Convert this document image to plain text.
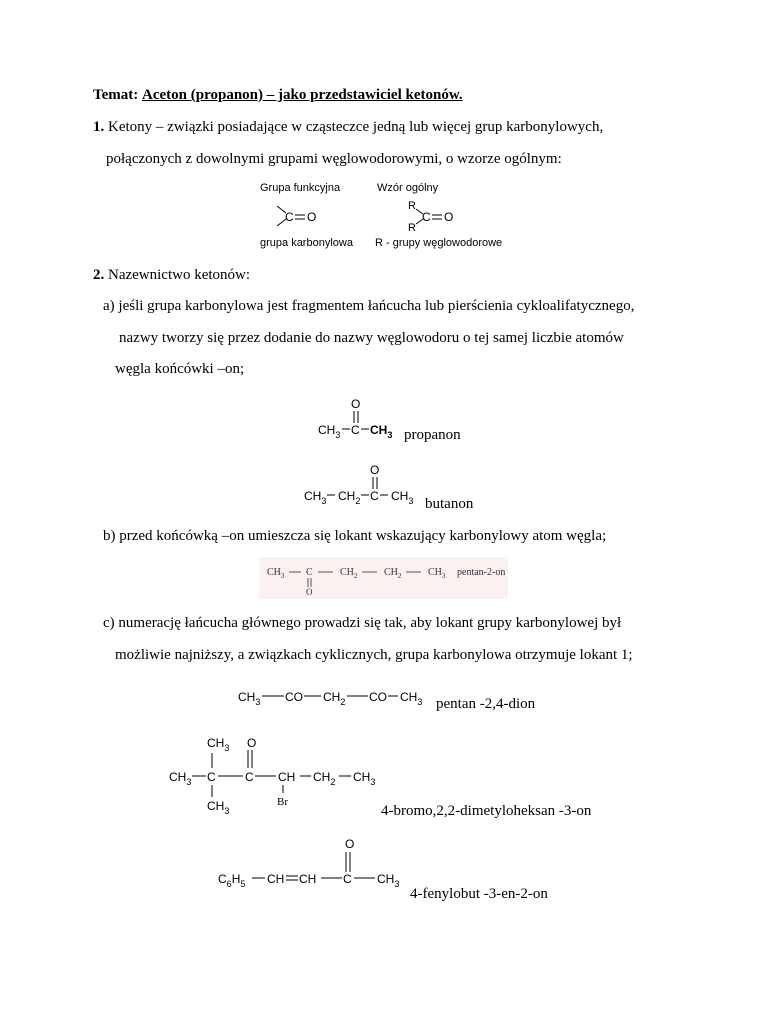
Temat: Aceton (propanon) – jako przedstawiciel ketonów.
1. Ketony – związki posiadające w cząsteczce jedną lub więcej grup karbonylowych,
połączonych z dowolnymi grupami węglowodorowymi, o wzorze ogólnym:
Grupa funkcyjna
C O
grupa karbonylowa
Wzór ogólny
R
R
C O
R - grupy węglowodorowe
2. Nazewnictwo ketonów:
a) jeśli grupa karbonylowa jest fragmentem łańcucha lub pierścienia cykloalifatycznego,
nazwy tworzy się przez dodanie do nazwy węglowodoru o tej samej liczbie atomów
węgla końcówki –on;
O
$CH_3$ C $CH_3$ propanon
O
$CH_3$ $CH_2$ C $CH_3$ butanon
b) przed końcówką –on umieszcza się lokant wskazujący karbonylowy atom węgla;
$CH_3$ C	$CH_2$	$CH_2$	$CH_3$
O
pentan-2-on
c) numerację łańcucha głównego prowadzi się tak, aby lokant grupy karbonylowej był
możliwie najniższy, a związkach cyklicznych, grupa karbonylowa otrzymuje lokant 1;
$CH_3$ CO $CH_2$ CO $CH_3$ pentan -2,4-dion
$CH_3$ O
$CH_3$ C C CH $CH_2$ $CH_3$
Br
$CH_3$	4-bromo,2,2-dimetyloheksan -3-on
O
$C_6H_5$ CH CH C $CH_3$
4-fenylobut -3-en-2-on
